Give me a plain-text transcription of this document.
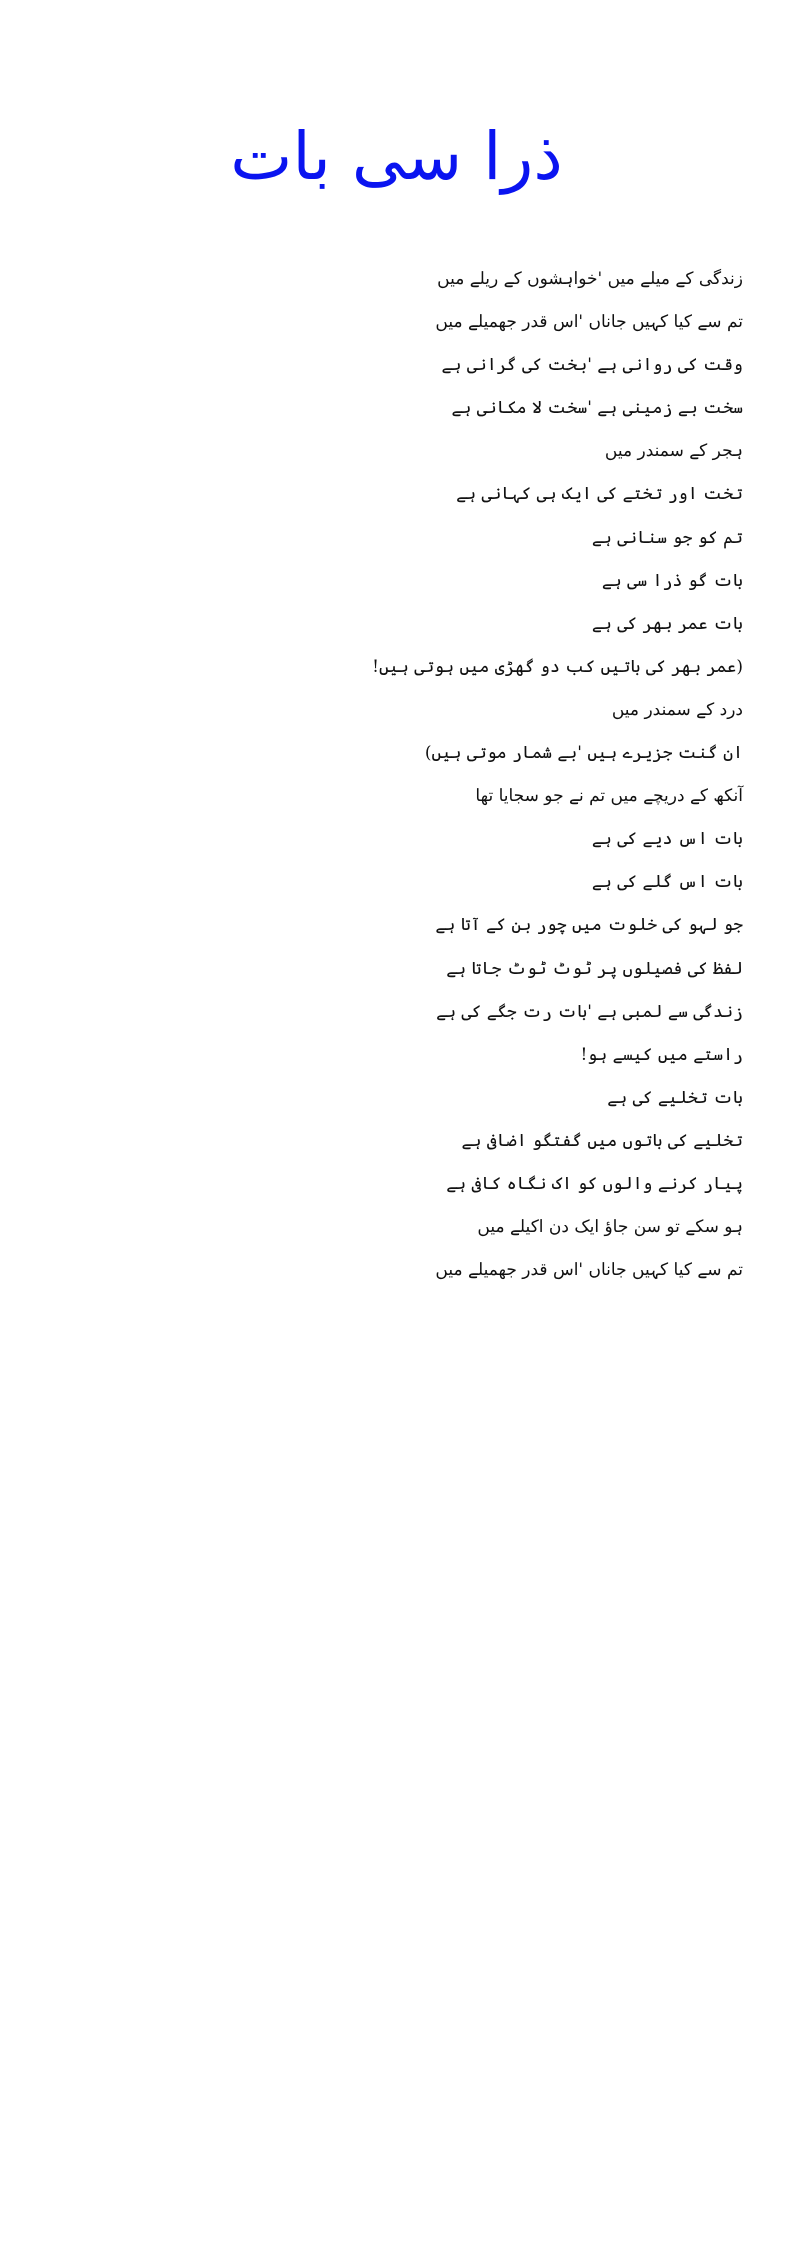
ذرا سی بات
زندگی کے میلے میں 'خواہشوں کے ریلے میں
تم سے کیا کہیں جاناں 'اس قدر جھمیلے میں
وقت کی روانی ہے 'بخت کی گرانی ہے
سخت بے زمینی ہے 'سخت لا مکانی ہے
ہجر کے سمندر میں
تخت اور تختے کی ایک ہی کہانی ہے
تم کو جو سنانی ہے
بات گو ذرا سی ہے
بات عمر بھر کی ہے
(عمر بھر کی باتیں کب دو گھڑی میں ہوتی ہیں!
درد کے سمندر میں
ان گنت جزیرے ہیں 'بے شمار موتی ہیں)
آنکھ کے دریچے میں تم نے جو سجایا تھا
بات اس دیے کی ہے
بات اس گلے کی ہے
جو لہو کی خلوت میں چور بن کے آتا ہے
لفظ کی فصیلوں پر ٹوٹ ٹوٹ جاتا ہے
زندگی سے لمبی ہے 'بات رت جگے کی ہے
راستے میں کیسے ہو!
بات تخلیے کی ہے
تخلیے کی باتوں میں گفتگو اضافی ہے
پیار کرنے والوں کو اک نگاہ کافی ہے
ہو سکے تو سن جاؤ ایک دن اکیلے میں
تم سے کیا کہیں جاناں 'اس قدر جھمیلے میں
